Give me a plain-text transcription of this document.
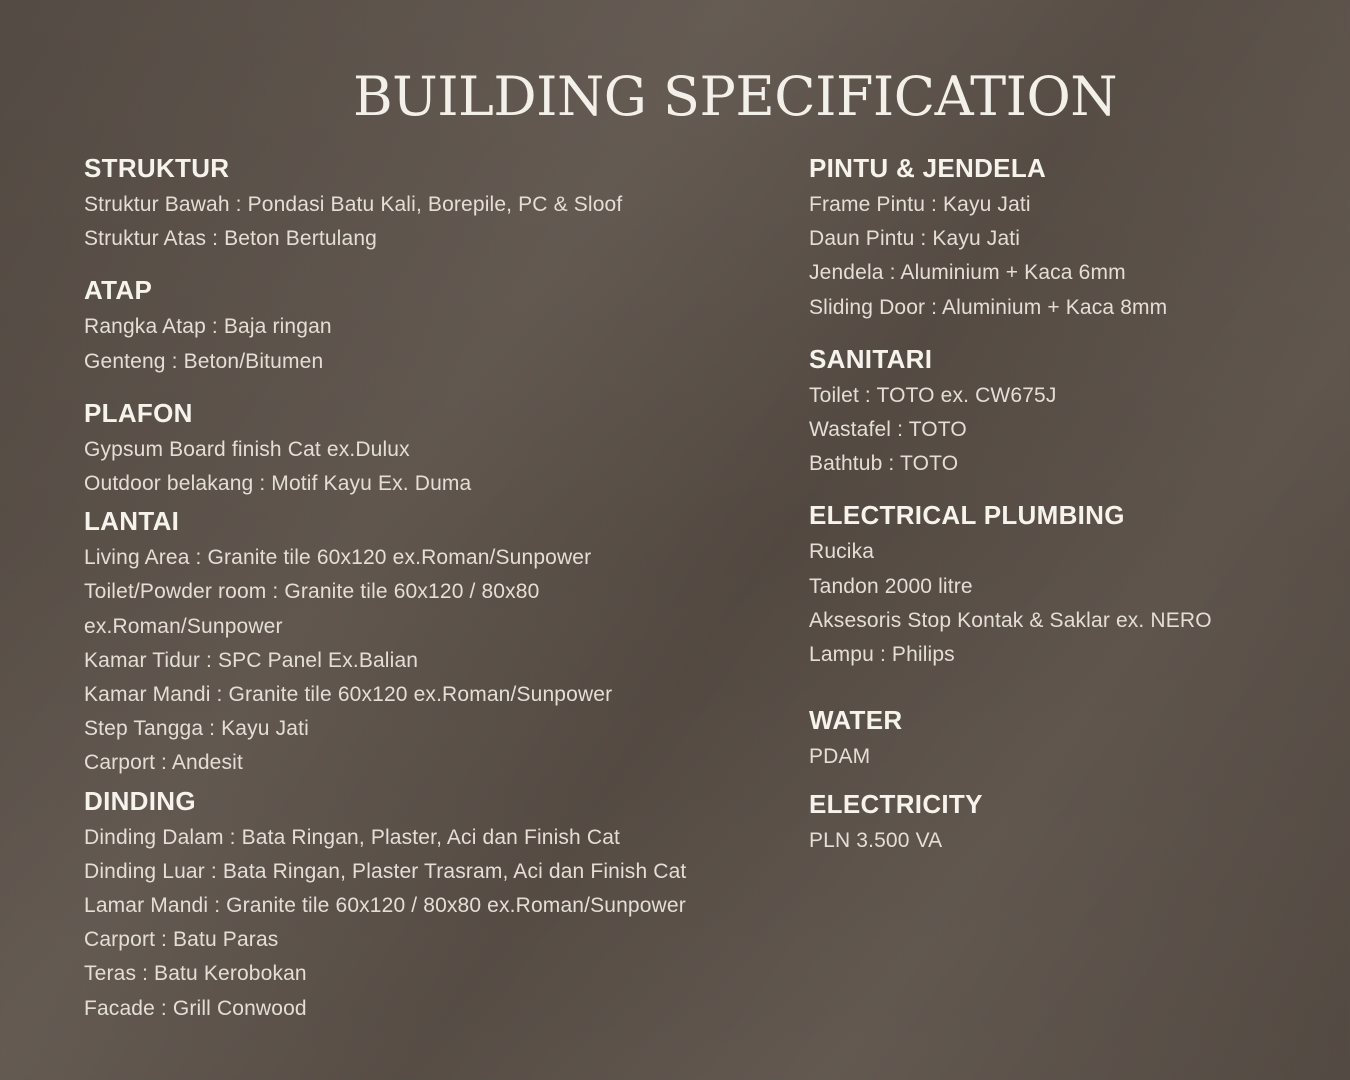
BUILDING SPECIFICATION
STRUKTUR
Struktur Bawah : Pondasi Batu Kali, Borepile, PC & Sloof
Struktur Atas : Beton Bertulang
ATAP
Rangka Atap : Baja ringan
Genteng : Beton/Bitumen
PLAFON
Gypsum Board finish Cat ex.Dulux
Outdoor belakang : Motif Kayu Ex. Duma
LANTAI
Living Area : Granite tile 60x120 ex.Roman/Sunpower
Toilet/Powder room : Granite tile 60x120 / 80x80
ex.Roman/Sunpower
Kamar Tidur : SPC Panel Ex.Balian
Kamar Mandi : Granite tile 60x120 ex.Roman/Sunpower
Step Tangga : Kayu Jati
Carport : Andesit
DINDING
Dinding Dalam : Bata Ringan, Plaster, Aci dan Finish Cat
Dinding Luar : Bata Ringan, Plaster Trasram, Aci dan Finish Cat
Lamar Mandi : Granite tile 60x120 / 80x80 ex.Roman/Sunpower
Carport : Batu Paras
Teras : Batu Kerobokan
Facade : Grill Conwood
PINTU & JENDELA
Frame Pintu : Kayu Jati
Daun Pintu : Kayu Jati
Jendela : Aluminium + Kaca 6mm
Sliding Door : Aluminium + Kaca 8mm
SANITARI
Toilet : TOTO ex. CW675J
Wastafel : TOTO
Bathtub : TOTO
ELECTRICAL PLUMBING
Rucika
Tandon 2000 litre
Aksesoris Stop Kontak & Saklar ex. NERO
Lampu : Philips
WATER
PDAM
ELECTRICITY
PLN 3.500 VA
